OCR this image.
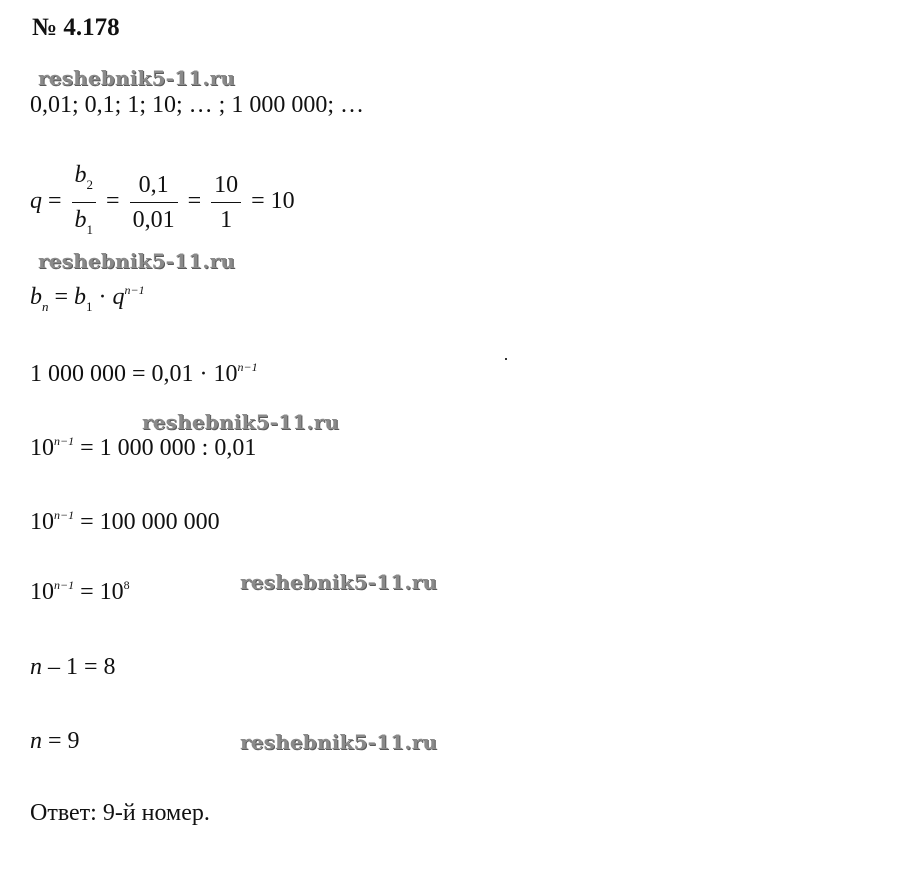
№ 4.178
reshebnik5-11.ru
0,01; 0,1; 1; 10; … ; 1 000 000; …
$q = \frac{b_2}{b_1} = \frac{0,1}{0,01} = \frac{10}{1} = 10$
reshebnik5-11.ru
$b_n = b_1 \cdot q^{n-1}$
1 000 $000 = 0,01 \cdot 10^{n-1}$
reshebnik5-11.ru
$10^{n-1} = 1$ 000 000 : 0,01
$10^{n-1} = 100$ 000 000
$10^{n-1} = 10^8$	reshebnik5-11.ru
n – 1 = 8
n = 9	reshebnik5-11.ru
Ответ: 9-й номер.
